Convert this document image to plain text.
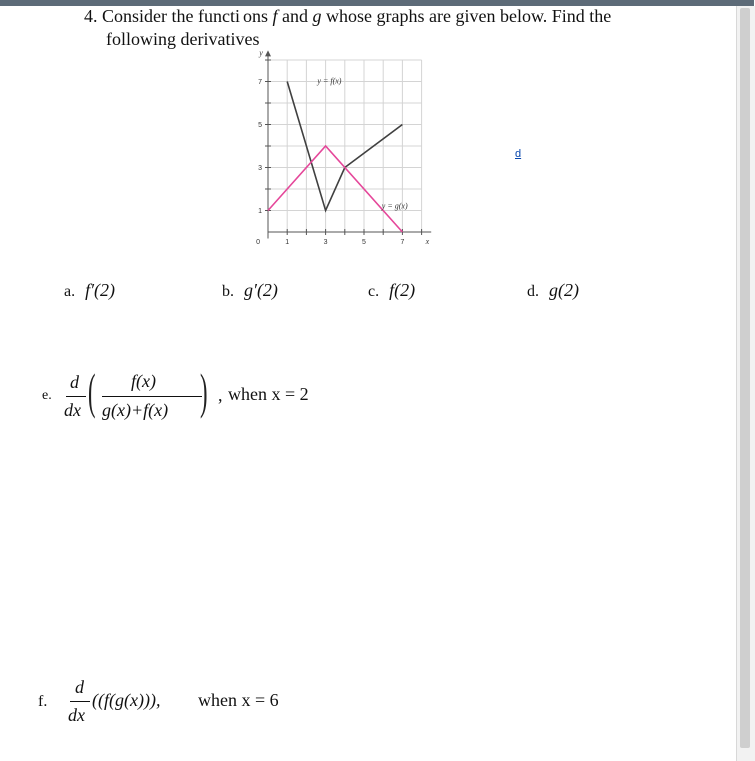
4. Consider the functi ons f and g whose graphs are given below. Find the
following derivatives
1	3	5	7
1
3
5
7
0	x
y
y = f(x)
y = g(x)
d
a. f′(2)	b. g′(2)	c. f(2)	d. g(2)
e.
d
dx ( f(x)
g(x)+f(x) ) , when x = 2
f.
d
dx
((f(g(x))), when x = 6
